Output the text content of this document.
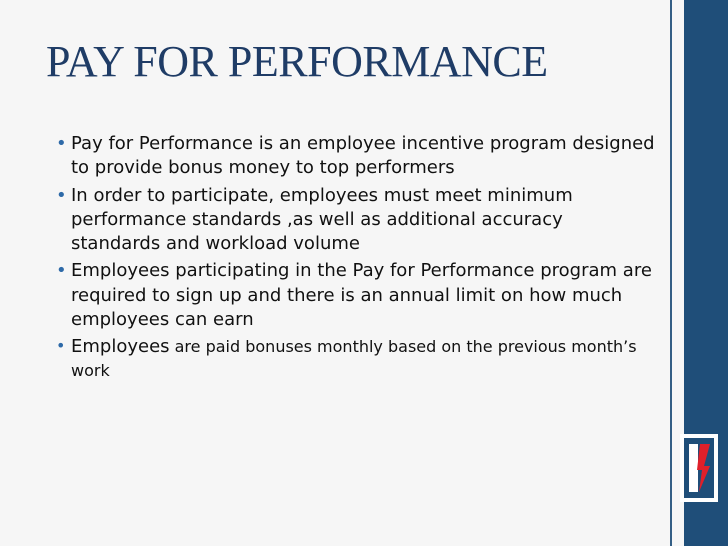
PAY FOR PERFORMANCE
• Pay for Performance is an employee incentive program designed to provide bonus money to top performers
• In order to participate, employees must meet minimum performance standards ,as well as additional accuracy standards and workload volume
• Employees participating in the Pay for Performance program are required to sign up and there is an annual limit on how much employees can earn
• Employees are paid bonuses monthly based on the previous month’s work
